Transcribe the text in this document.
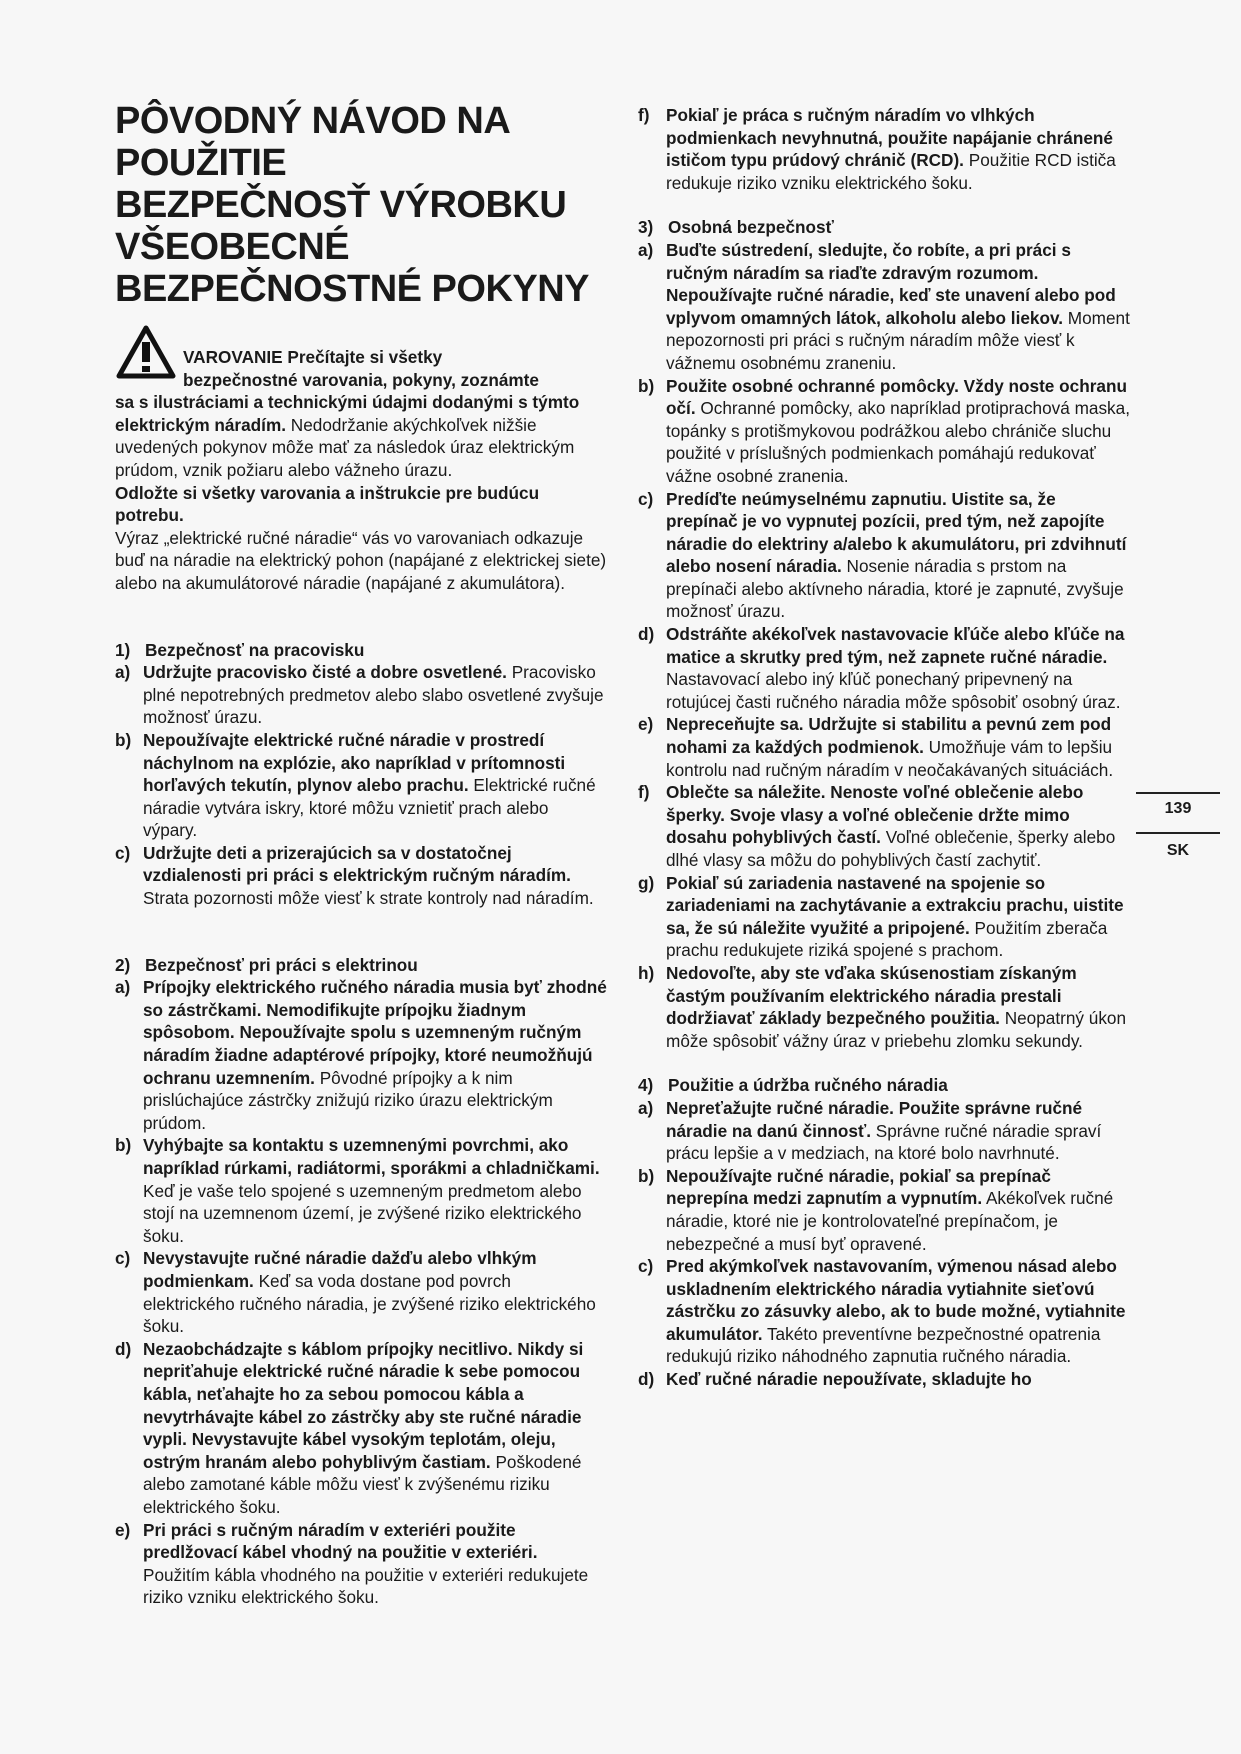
PÔVODNÝ NÁVOD NA
POUŽITIE
BEZPEČNOSŤ VÝROBKU
VŠEOBECNÉ
BEZPEČNOSTNÉ POKYNY

VAROVANIE Prečítajte si všetky

bezpečnostné varovania, pokyny, zoznámte

sa s ilustráciami a technickými údajmi dodanými s týmto elektrickým náradím. Nedodržanie akýchkoľvek nižšie uvedených pokynov môže mať za následok úraz elektrickým prúdom, vznik požiaru alebo vážneho úrazu.

Odložte si všetky varovania a inštrukcie pre budúcu potrebu.

Výraz „elektrické ručné náradie“ vás vo varovaniach odkazuje buď na náradie na elektrický pohon (napájané z elektrickej siete) alebo na akumulátorové náradie (napájané z akumulátora).

1) Bezpečnosť na pracovisku
a) Udržujte pracovisko čisté a dobre osvetlené. Pracovisko plné nepotrebných predmetov alebo slabo osvetlené zvyšuje možnosť úrazu.
b) Nepoužívajte elektrické ručné náradie v prostredí náchylnom na explózie, ako napríklad v prítomnosti horľavých tekutín, plynov alebo prachu. Elektrické ručné náradie vytvára iskry, ktoré môžu vznietiť prach alebo výpary.
c) Udržujte deti a prizerajúcich sa v dostatočnej vzdialenosti pri práci s elektrickým ručným náradím. Strata pozornosti môže viesť k strate kontroly nad náradím.
2) Bezpečnosť pri práci s elektrinou
a) Prípojky elektrického ručného náradia musia byť zhodné so zástrčkami. Nemodifikujte prípojku žiadnym spôsobom. Nepoužívajte spolu s uzemneným ručným náradím žiadne adaptérové prípojky, ktoré neumožňujú ochranu uzemnením. Pôvodné prípojky a k nim prislúchajúce zástrčky znižujú riziko úrazu elektrickým prúdom.
b) Vyhýbajte sa kontaktu s uzemnenými povrchmi, ako napríklad rúrkami, radiátormi, sporákmi a chladničkami. Keď je vaše telo spojené s uzemneným predmetom alebo stojí na uzemnenom území, je zvýšené riziko elektrického šoku.
c) Nevystavujte ručné náradie dažďu alebo vlhkým podmienkam. Keď sa voda dostane pod povrch elektrického ručného náradia, je zvýšené riziko elektrického šoku.
d) Nezaobchádzajte s káblom prípojky necitlivo. Nikdy si nepriťahuje elektrické ručné náradie k sebe pomocou kábla, neťahajte ho za sebou pomocou kábla a nevytrhávajte kábel zo zástrčky aby ste ručné náradie vypli. Nevystavujte kábel vysokým teplotám, oleju, ostrým hranám alebo pohyblivým častiam. Poškodené alebo zamotané káble môžu viesť k zvýšenému riziku elektrického šoku.
e) Pri práci s ručným náradím v exteriéri použite predlžovací kábel vhodný na použitie v exteriéri. Použitím kábla vhodného na použitie v exteriéri redukujete riziko vzniku elektrického šoku.
f) Pokiaľ je práca s ručným náradím vo vlhkých podmienkach nevyhnutná, použite napájanie chránené ističom typu prúdový chránič (RCD). Použitie RCD ističa redukuje riziko vzniku elektrického šoku.
3) Osobná bezpečnosť
a) Buďte sústredení, sledujte, čo robíte, a pri práci s ručným náradím sa riaďte zdravým rozumom. Nepoužívajte ručné náradie, keď ste unavení alebo pod vplyvom omamných látok, alkoholu alebo liekov. Moment nepozornosti pri práci s ručným náradím môže viesť k vážnemu osobnému zraneniu.
b) Použite osobné ochranné pomôcky. Vždy noste ochranu očí. Ochranné pomôcky, ako napríklad protiprachová maska, topánky s protišmykovou podrážkou alebo chrániče sluchu použité v príslušných podmienkach pomáhajú redukovať vážne osobné zranenia.
c) Predíďte neúmyselnému zapnutiu. Uistite sa, že prepínač je vo vypnutej pozícii, pred tým, než zapojíte náradie do elektriny a/alebo k akumulátoru, pri zdvihnutí alebo nosení náradia. Nosenie náradia s prstom na prepínači alebo aktívneho náradia, ktoré je zapnuté, zvyšuje možnosť úrazu.
d) Odstráňte akékoľvek nastavovacie kľúče alebo kľúče na matice a skrutky pred tým, než zapnete ručné náradie. Nastavovací alebo iný kľúč ponechaný pripevnený na rotujúcej časti ručného náradia môže spôsobiť osobný úraz.
e) Nepreceňujte sa. Udržujte si stabilitu a pevnú zem pod nohami za každých podmienok. Umožňuje vám to lepšiu kontrolu nad ručným náradím v neočakávaných situáciách.
f) Oblečte sa náležite. Nenoste voľné oblečenie alebo šperky. Svoje vlasy a voľné oblečenie držte mimo dosahu pohyblivých častí. Voľné oblečenie, šperky alebo dlhé vlasy sa môžu do pohyblivých častí zachytiť.
g) Pokiaľ sú zariadenia nastavené na spojenie so zariadeniami na zachytávanie a extrakciu prachu, uistite sa, že sú náležite využité a pripojené. Použitím zberača prachu redukujete riziká spojené s prachom.
h) Nedovoľte, aby ste vďaka skúsenostiam získaným častým používaním elektrického náradia prestali dodržiavať základy bezpečného použitia. Neopatrný úkon môže spôsobiť vážny úraz v priebehu zlomku sekundy.
4) Použitie a údržba ručného náradia
a) Nepreťažujte ručné náradie. Použite správne ručné náradie na danú činnosť. Správne ručné náradie spraví prácu lepšie a v medziach, na ktoré bolo navrhnuté.
b) Nepoužívajte ručné náradie, pokiaľ sa prepínač neprepína medzi zapnutím a vypnutím. Akékoľvek ručné náradie, ktoré nie je kontrolovateľné prepínačom, je nebezpečné a musí byť opravené.
c) Pred akýmkoľvek nastavovaním, výmenou násad alebo uskladnením elektrického náradia vytiahnite sieťovú zástrčku zo zásuvky alebo, ak to bude možné, vytiahnite akumulátor. Takéto preventívne bezpečnostné opatrenia redukujú riziko náhodného zapnutia ručného náradia.
d) Keď ručné náradie nepoužívate, skladujte ho
139
SK
